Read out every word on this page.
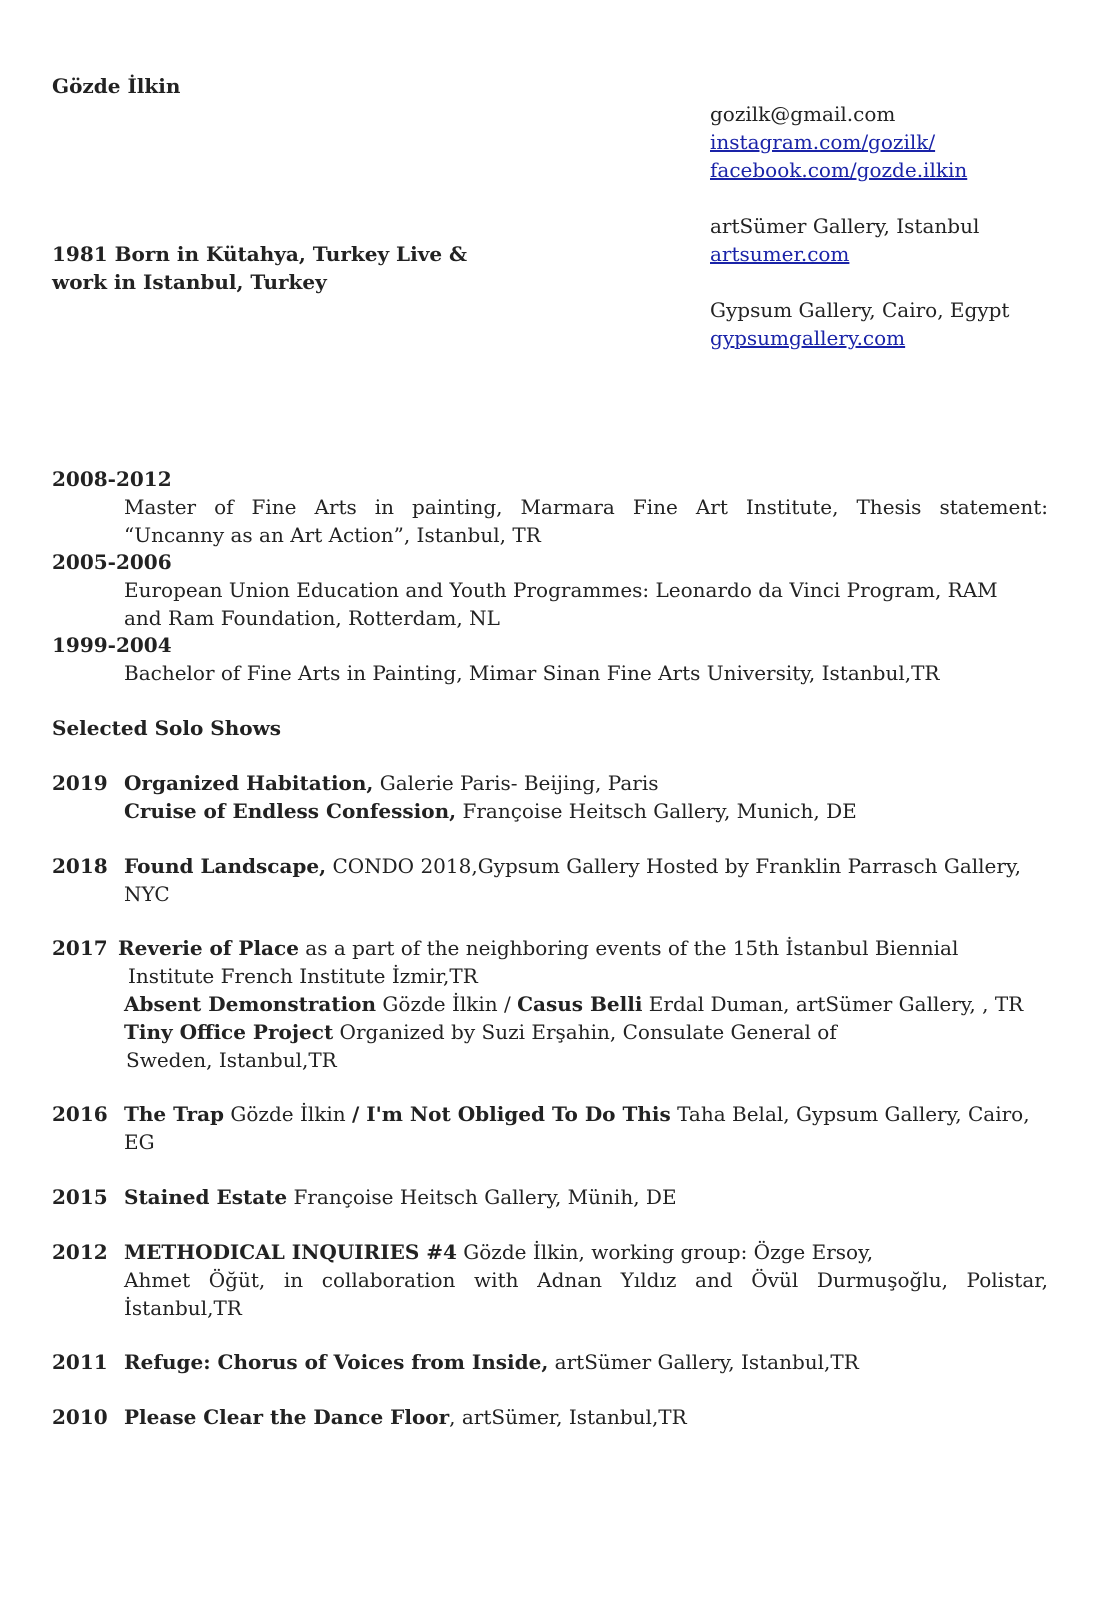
Gözde İlkin
gozilk@gmail.com
instagram.com/gozilk/
facebook.com/gozde.ilkin
artSümer Gallery, Istanbul
artsumer.com
Gypsum Gallery, Cairo, Egypt
gypsumgallery.com
1981 Born in Kütahya, Turkey Live &
work in Istanbul, Turkey
2008-2012
Master of Fine Arts in painting, Marmara Fine Art Institute, Thesis statement:
“Uncanny as an Art Action”, Istanbul, TR
2005-2006
European Union Education and Youth Programmes: Leonardo da Vinci Program, RAM
and Ram Foundation, Rotterdam, NL
1999-2004
Bachelor of Fine Arts in Painting, Mimar Sinan Fine Arts University, Istanbul,TR
Selected Solo Shows
2019 Organized Habitation, Galerie Paris- Beijing, Paris
Cruise of Endless Confession, Françoise Heitsch Gallery, Munich, DE
2018 Found Landscape, CONDO 2018,Gypsum Gallery Hosted by Franklin Parrasch Gallery,
NYC
2017 Reverie of Place as a part of the neighboring events of the 15th İstanbul Biennial
Institute French Institute İzmir,TR
Absent Demonstration Gözde İlkin / Casus Belli Erdal Duman, artSümer Gallery, , TR
Tiny Office Project Organized by Suzi Erşahin, Consulate General of
Sweden, Istanbul,TR
2016 The Trap Gözde İlkin / I'm Not Obliged To Do This Taha Belal, Gypsum Gallery, Cairo,
EG
2015 Stained Estate Françoise Heitsch Gallery, Münih, DE
2012 METHODICAL INQUIRIES #4 Gözde İlkin, working group: Özge Ersoy,
Ahmet Öğüt, in collaboration with Adnan Yıldız and Övül Durmuşoğlu, Polistar,
İstanbul,TR
2011 Refuge: Chorus of Voices from Inside, artSümer Gallery, Istanbul,TR
2010 Please Clear the Dance Floor, artSümer, Istanbul,TR
